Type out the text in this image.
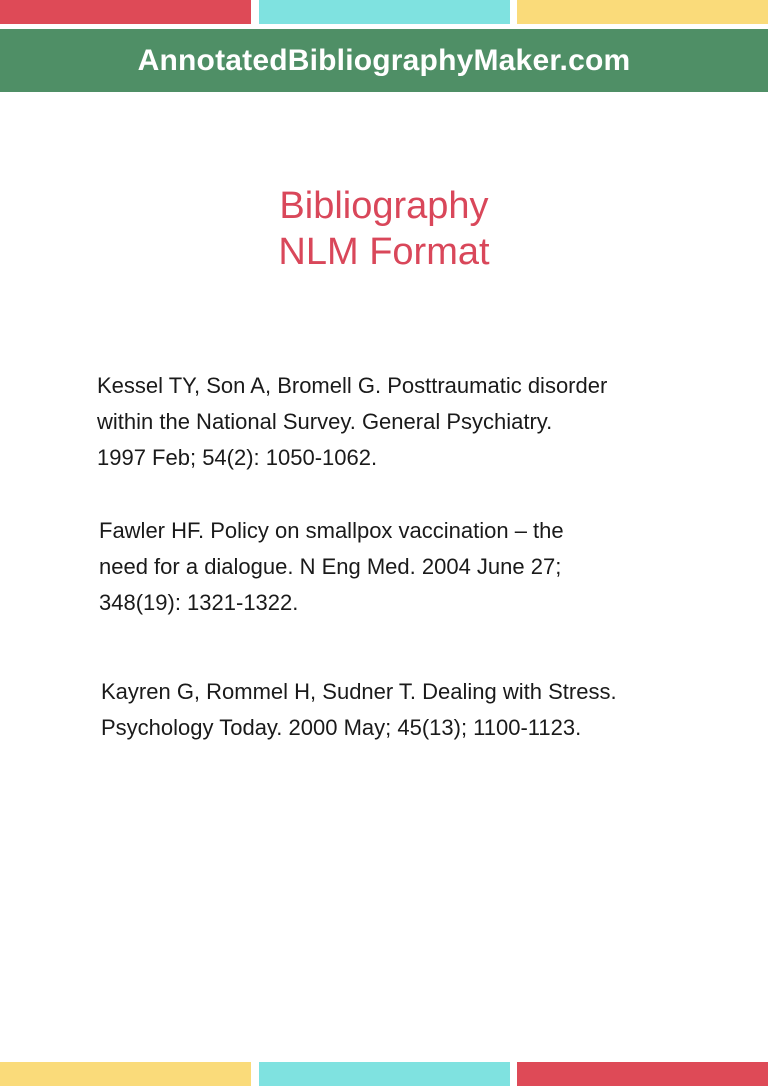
AnnotatedBibliographyMaker.com
Bibliography
NLM Format
Kessel TY, Son A, Bromell G. Posttraumatic disorder
within the National Survey. General Psychiatry.
1997 Feb; 54(2): 1050-1062.
Fawler HF. Policy on smallpox vaccination – the
need for a dialogue. N Eng Med. 2004 June 27;
348(19): 1321-1322.
Kayren G, Rommel H, Sudner T. Dealing with Stress.
Psychology Today. 2000 May; 45(13); 1100-1123.
